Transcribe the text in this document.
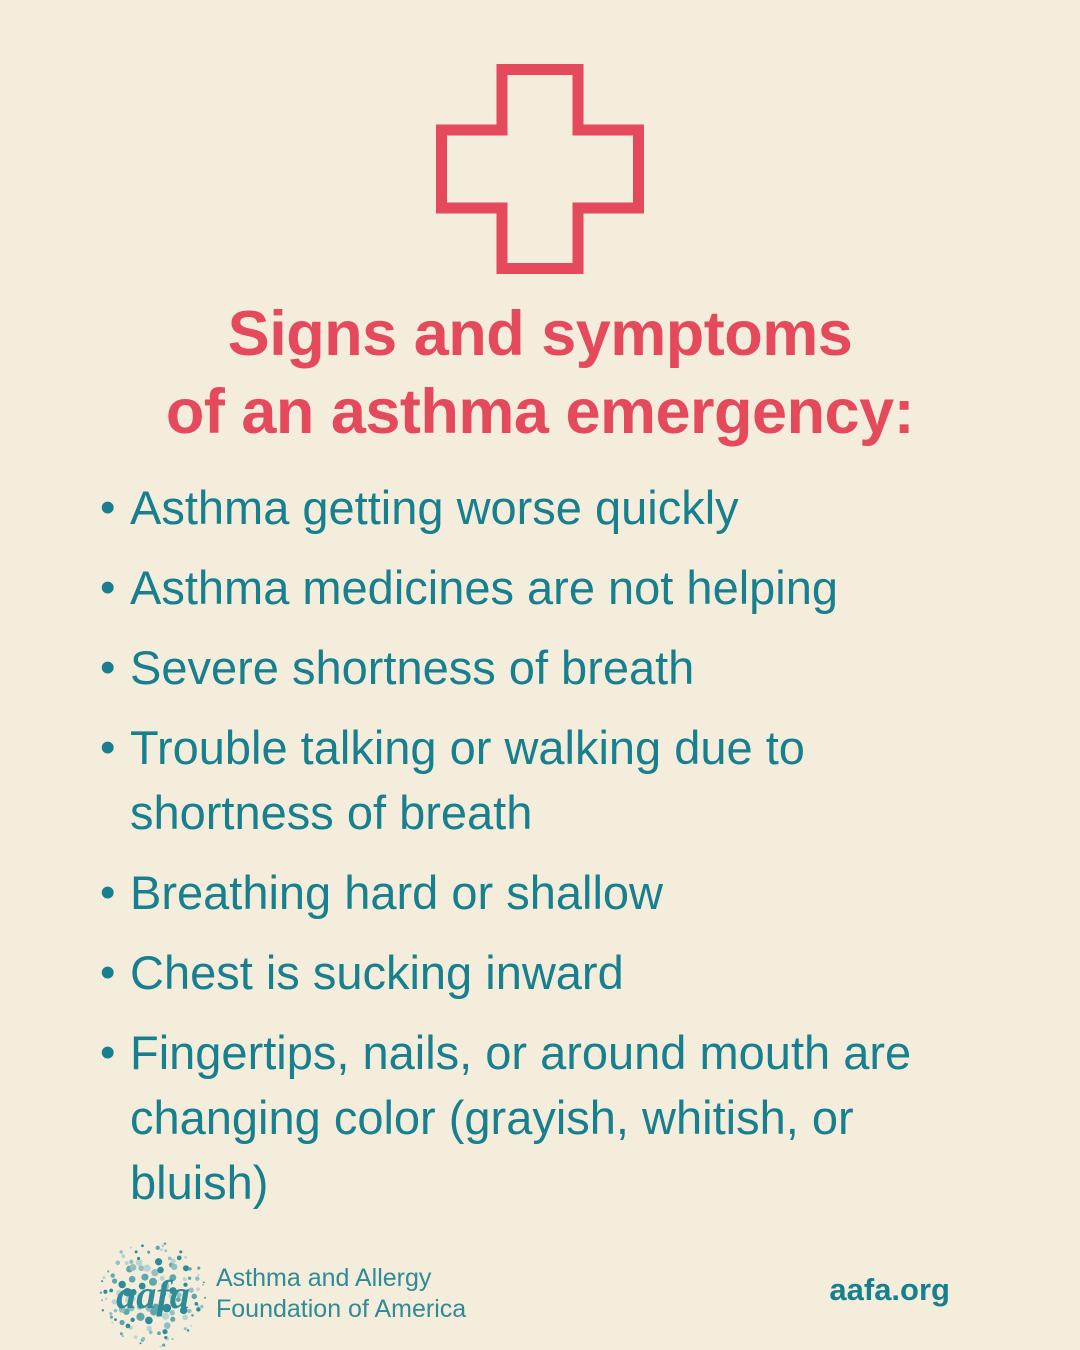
Signs and symptoms
of an asthma emergency:
• Asthma getting worse quickly
• Asthma medicines are not helping
• Severe shortness of breath
• Trouble talking or walking due to shortness of breath
• Breathing hard or shallow
• Chest is sucking inward
• Fingertips, nails, or around mouth are changing color (grayish, whitish, or bluish)
aafa Asthma and Allergy
Foundation of America
aafa.org
